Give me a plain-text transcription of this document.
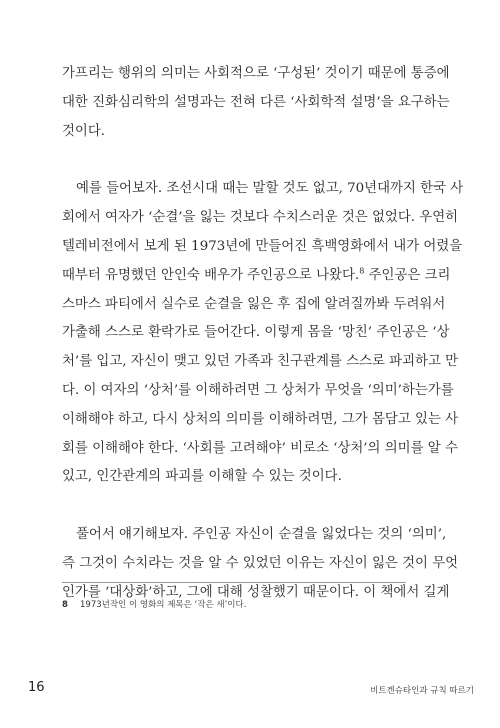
가프리는 행위의 의미는 사회적으로 ‘구성된’ 것이기 때문에 통증에
대한 진화심리학의 설명과는 전혀 다른 ‘사회학적 설명’을 요구하는
것이다.

예를 들어보자. 조선시대 때는 말할 것도 없고, 70년대까지 한국 사
회에서 여자가 ‘순결’을 잃는 것보다 수치스러운 것은 없었다. 우연히
텔레비전에서 보게 된 1973년에 만들어진 흑백영화에서 내가 어렸을
때부터 유명했던 안인숙 배우가 주인공으로 나왔다.$^8$ 주인공은 크리
스마스 파티에서 실수로 순결을 잃은 후 집에 알려질까봐 두려워서
가출해 스스로 환락가로 들어간다. 이렇게 몸을 ‘망친’ 주인공은 ‘상
처’를 입고, 자신이 맺고 있던 가족과 친구관계를 스스로 파괴하고 만
다. 이 여자의 ‘상처’를 이해하려면 그 상처가 무엇을 ‘의미’하는가를
이해해야 하고, 다시 상처의 의미를 이해하려면, 그가 몸담고 있는 사
회를 이해해야 한다. ‘사회를 고려해야’ 비로소 ‘상처’의 의미를 알 수
있고, 인간관계의 파괴를 이해할 수 있는 것이다.

풀어서 얘기해보자. 주인공 자신이 순결을 잃었다는 것의 ‘의미’,
즉 그것이 수치라는 것을 알 수 있었던 이유는 자신이 잃은 것이 무엇
인가를 ‘대상화’하고, 그에 대해 성찰했기 때문이다. 이 책에서 길게

8 1973년작인 이 영화의 제목은 ‘작은 새’이다.
16	비트겐슈타인과 규칙 따르기
